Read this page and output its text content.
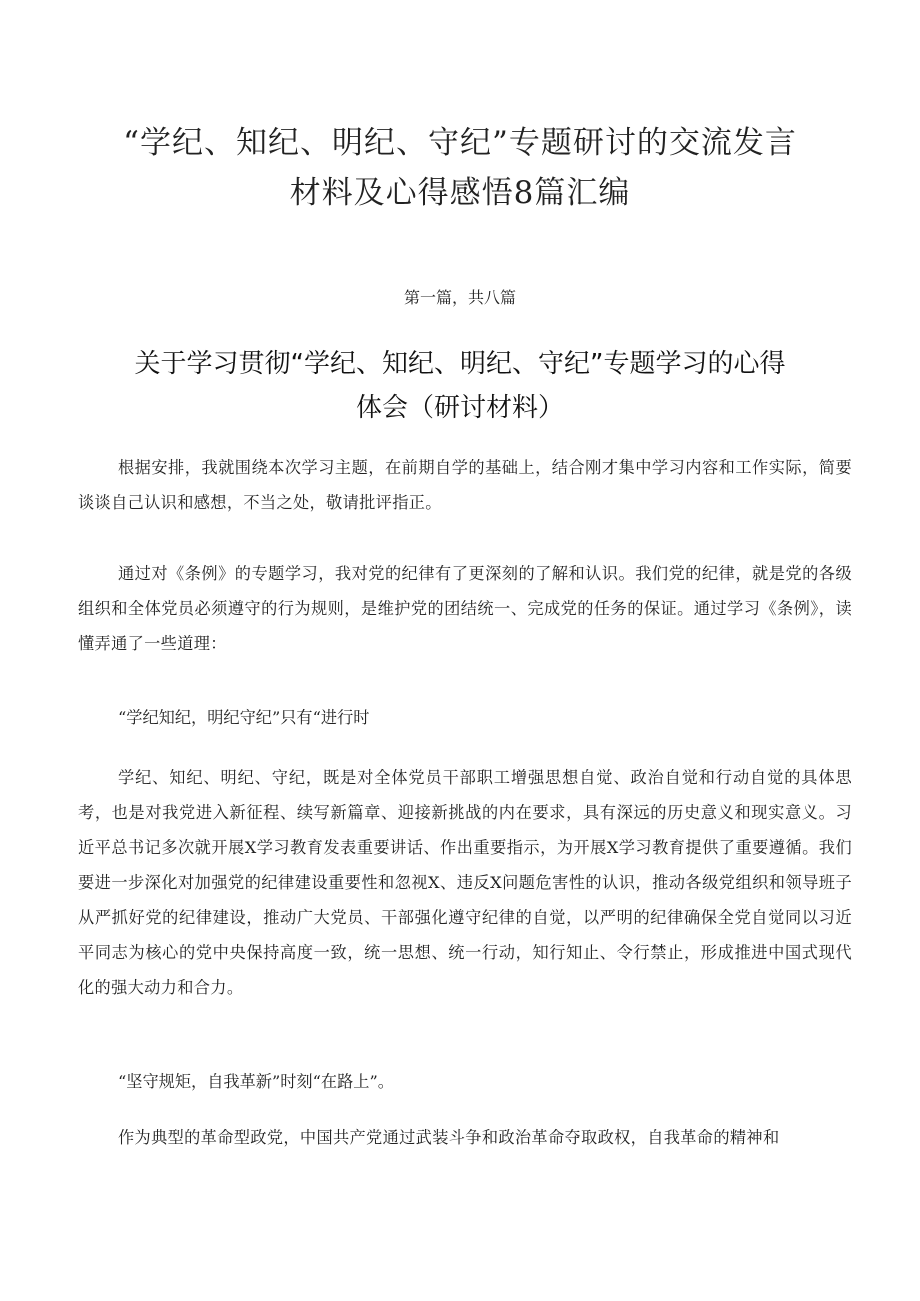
“学纪、知纪、明纪、守纪”专题研讨的交流发言
材料及心得感悟8篇汇编
第一篇，共八篇
关于学习贯彻“学纪、知纪、明纪、守纪”专题学习的心得
体会（研讨材料）

根据安排，我就围绕本次学习主题，在前期自学的基础上，结合刚才集中学习内容和工作实际，简要谈谈自己认识和感想，不当之处，敬请批评指正。

通过对《条例》的专题学习，我对党的纪律有了更深刻的了解和认识。我们党的纪律，就是党的各级组织和全体党员必须遵守的行为规则，是维护党的团结统一、完成党的任务的保证。通过学习《条例》，读懂弄通了一些道理：

“学纪知纪，明纪守纪”只有“进行时

学纪、知纪、明纪、守纪，既是对全体党员干部职工增强思想自觉、政治自觉和行动自觉的具体思考，也是对我党进入新征程、续写新篇章、迎接新挑战的内在要求，具有深远的历史意义和现实意义。习近平总书记多次就开展X学习教育发表重要讲话、作出重要指示，为开展X学习教育提供了重要遵循。我们要进一步深化对加强党的纪律建设重要性和忽视X、违反X问题危害性的认识，推动各级党组织和领导班子从严抓好党的纪律建设，推动广大党员、干部强化遵守纪律的自觉，以严明的纪律确保全党自觉同以习近平同志为核心的党中央保持高度一致，统一思想、统一行动，知行知止、令行禁止，形成推进中国式现代化的强大动力和合力。

“坚守规矩，自我革新”时刻“在路上”。

作为典型的革命型政党，中国共产党通过武装斗争和政治革命夺取政权，自我革命的精神和
